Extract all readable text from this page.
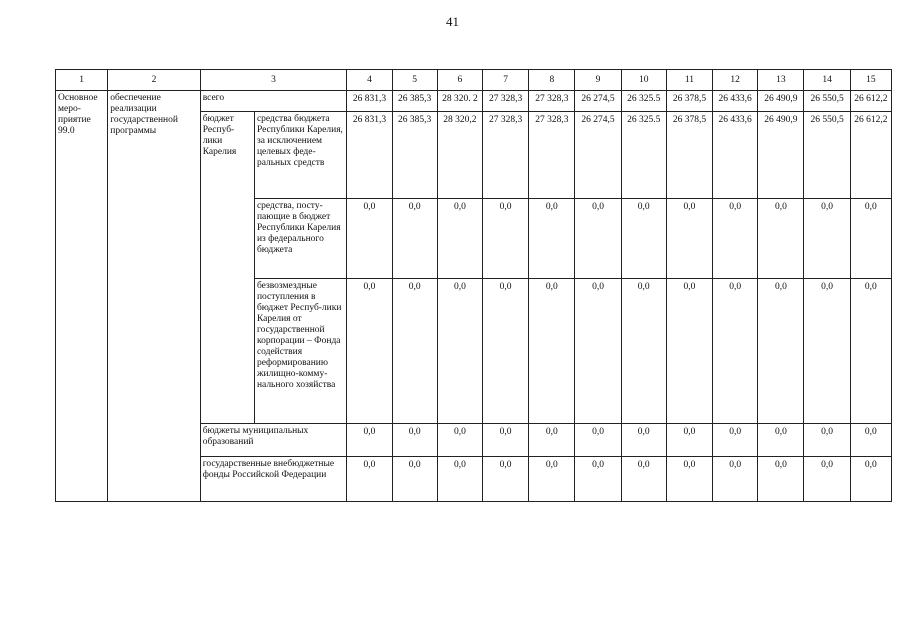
41
1	2	3		4	5	6	7	8	9	10	11	12	13	14	15
Основное меро-приятие 99.0	обеспечение реализации государственной программы	всего		26 831,3	26 385,3	28 320. 2	27 328,3	27 328,3	26 274,5	26 325.5	26 378,5	26 433,6	26 490,9	26 550,5	26 612,2
		бюджет Респуб-лики Карелия	средства бюджета Республики Карелия, за исключением целевых феде-ральных средств	26 831,3	26 385,3	28 320,2	27 328,3	27 328,3	26 274,5	26 325.5	26 378,5	26 433,6	26 490,9	26 550,5	26 612,2
			средства, посту-пающие в бюджет Республики Карелия из федерального бюджета	0,0	0,0	0,0	0,0	0,0	0,0	0,0	0,0	0,0	0,0	0,0	0,0
			безвозмездные поступления в бюджет Респуб-лики Карелия от государственной корпорации – Фонда содействия реформированию жилищно-комму-нального хозяйства	0,0	0,0	0,0	0,0	0,0	0,0	0,0	0,0	0,0	0,0	0,0	0,0
		бюджеты муниципальных образований		0,0	0,0	0,0	0,0	0,0	0,0	0,0	0,0	0,0	0,0	0,0	0,0
		государственные внебюджетные фонды Российской Федерации		0,0	0,0	0,0	0,0	0,0	0,0	0,0	0,0	0,0	0,0	0,0	0,0
